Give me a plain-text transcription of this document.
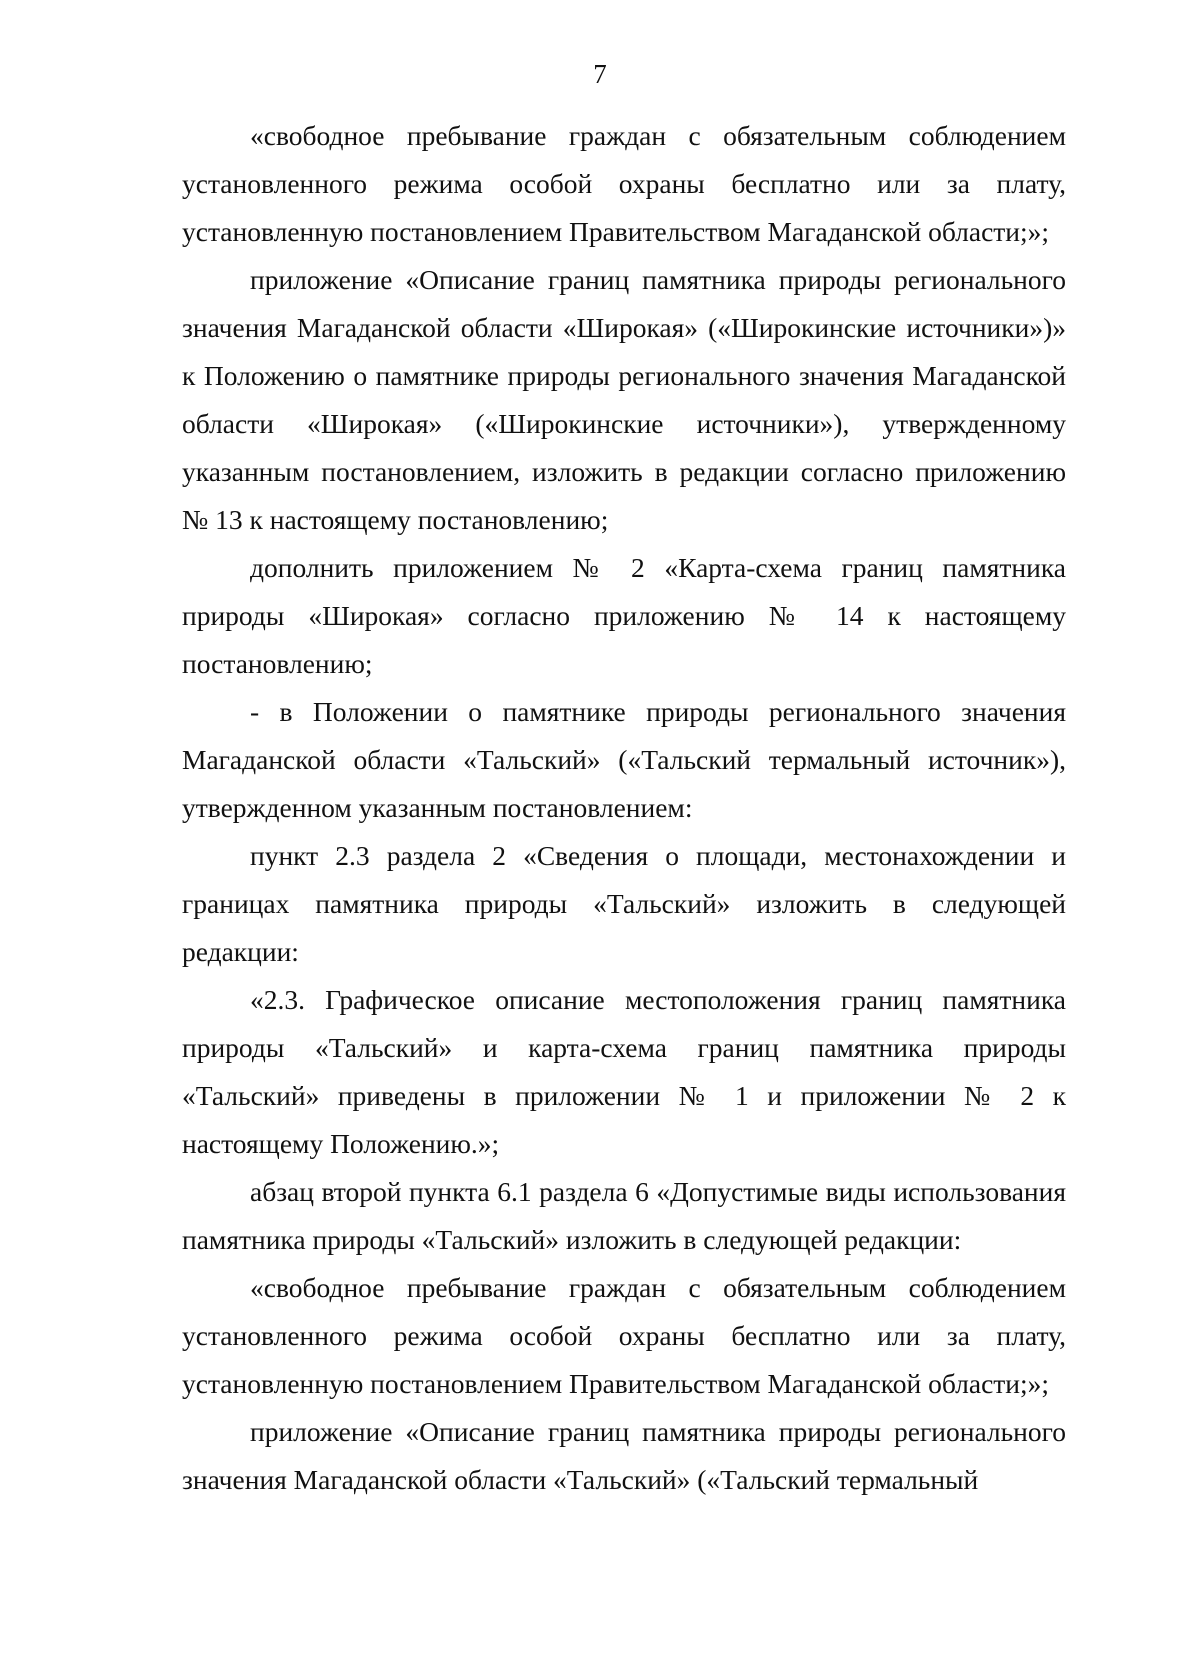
7

«свободное пребывание граждан с обязательным соблюдением установленного режима особой охраны бесплатно или за плату, установленную постановлением Правительством Магаданской области;»;

приложение «Описание границ памятника природы регионального значения Магаданской области «Широкая» («Широкинские источники»)» к Положению о памятнике природы регионального значения Магаданской области «Широкая» («Широкинские источники»), утвержденному указанным постановлением, изложить в редакции согласно приложению № 13 к настоящему постановлению;

дополнить приложением № 2 «Карта-схема границ памятника природы «Широкая» согласно приложению № 14 к настоящему постановлению;

- в Положении о памятнике природы регионального значения Магаданской области «Тальский» («Тальский термальный источник»), утвержденном указанным постановлением:

пункт 2.3 раздела 2 «Сведения о площади, местонахождении и границах памятника природы «Тальский» изложить в следующей редакции:

«2.3. Графическое описание местоположения границ памятника природы «Тальский» и карта-схема границ памятника природы «Тальский» приведены в приложении № 1 и приложении № 2 к настоящему Положению.»;

абзац второй пункта 6.1 раздела 6 «Допустимые виды использования памятника природы «Тальский» изложить в следующей редакции:

«свободное пребывание граждан с обязательным соблюдением установленного режима особой охраны бесплатно или за плату, установленную постановлением Правительством Магаданской области;»;

приложение «Описание границ памятника природы регионального значения Магаданской области «Тальский» («Тальский термальный
